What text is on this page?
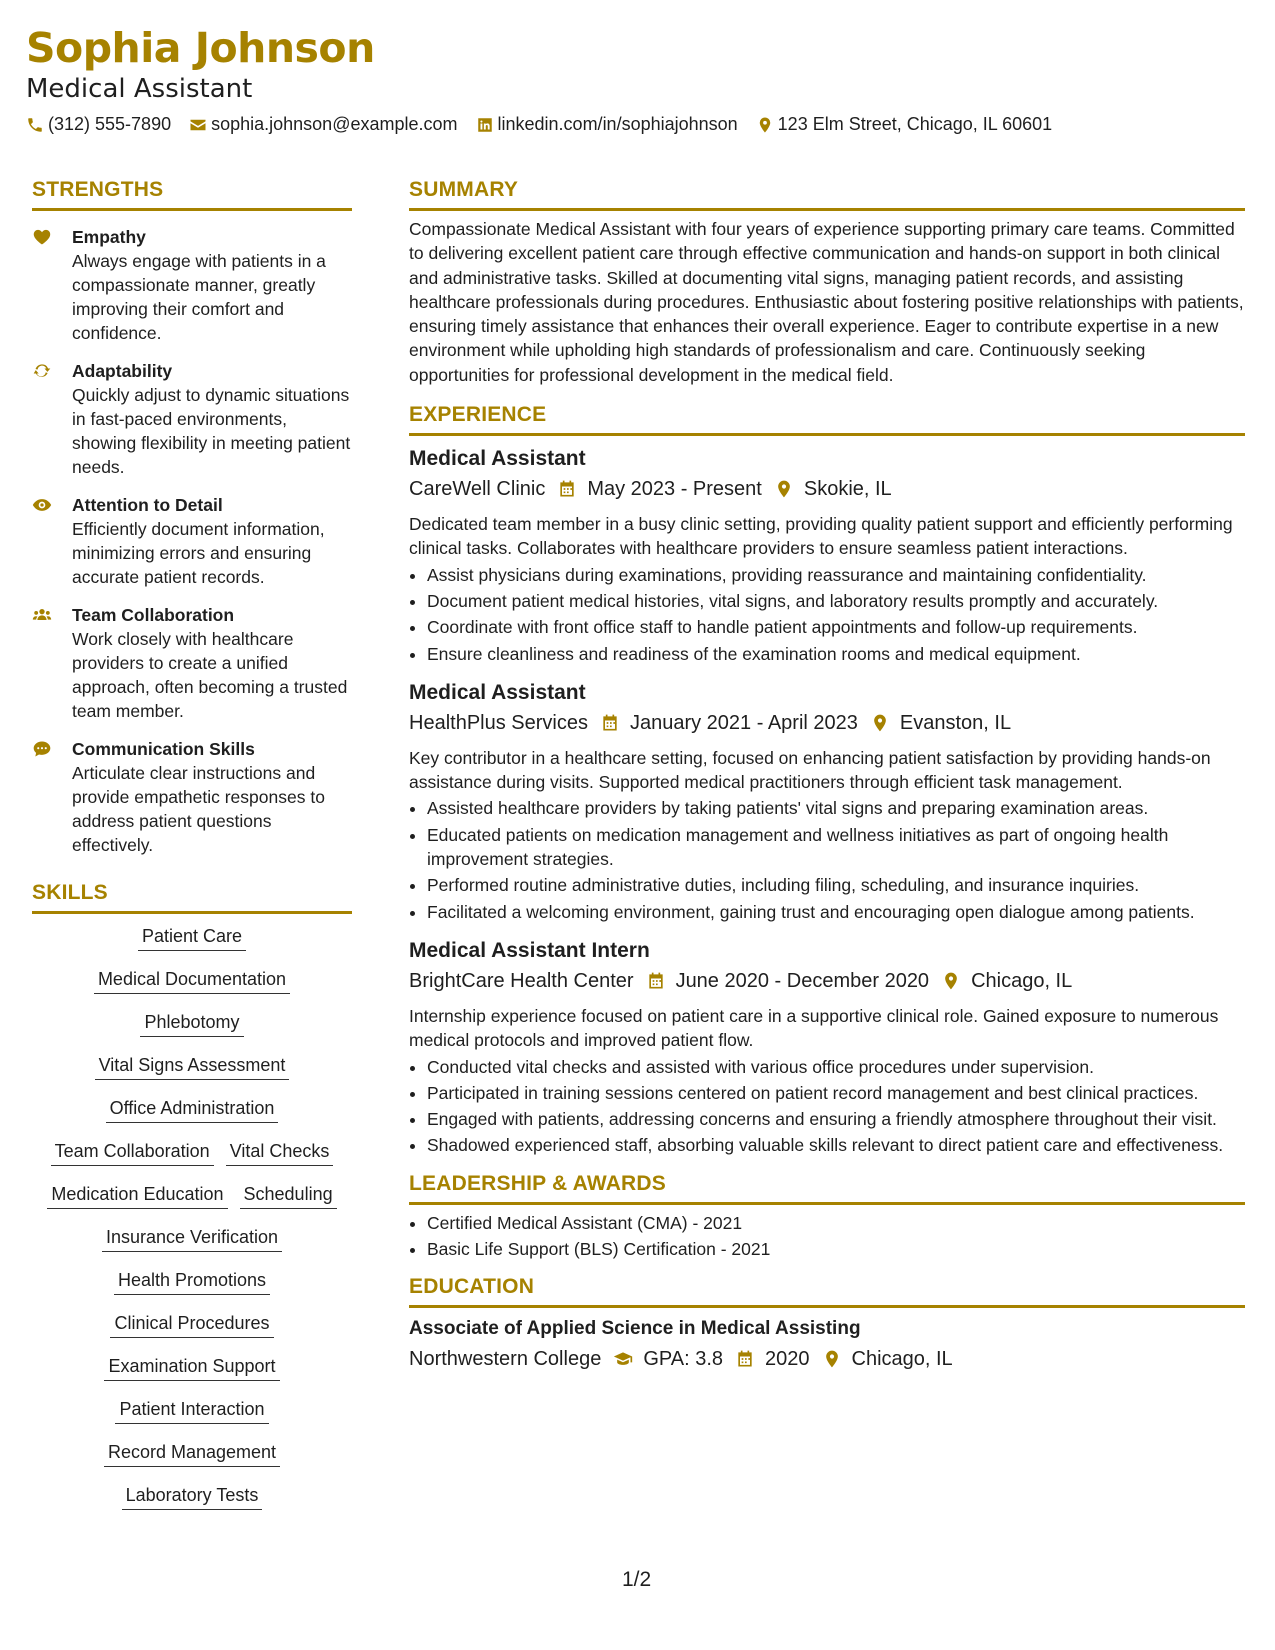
Sophia Johnson
Medical Assistant
(312) 555-7890 sophia.johnson@example.com linkedin.com/in/sophiajohnson 123 Elm Street, Chicago, IL 60601
STRENGTHS
Empathy
Always engage with patients in a compassionate manner, greatly improving their comfort and confidence.
Adaptability
Quickly adjust to dynamic situations in fast-paced environments, showing flexibility in meeting patient needs.
Attention to Detail
Efficiently document information, minimizing errors and ensuring accurate patient records.
Team Collaboration
Work closely with healthcare providers to create a unified approach, often becoming a trusted team member.
Communication Skills
Articulate clear instructions and provide empathetic responses to address patient questions effectively.
SKILLS
Patient Care
Medical Documentation
Phlebotomy
Vital Signs Assessment
Office Administration
Team Collaboration Vital Checks
Medication Education Scheduling
Insurance Verification
Health Promotions
Clinical Procedures
Examination Support
Patient Interaction
Record Management
Laboratory Tests
SUMMARY
Compassionate Medical Assistant with four years of experience supporting primary care teams. Committed to delivering excellent patient care through effective communication and hands-on support in both clinical and administrative tasks. Skilled at documenting vital signs, managing patient records, and assisting healthcare professionals during procedures. Enthusiastic about fostering positive relationships with patients, ensuring timely assistance that enhances their overall experience. Eager to contribute expertise in a new environment while upholding high standards of professionalism and care. Continuously seeking opportunities for professional development in the medical field.
EXPERIENCE
Medical Assistant
CareWell Clinic May 2023 - Present Skokie, IL
Dedicated team member in a busy clinic setting, providing quality patient support and efficiently performing clinical tasks. Collaborates with healthcare providers to ensure seamless patient interactions.
• Assist physicians during examinations, providing reassurance and maintaining confidentiality.
• Document patient medical histories, vital signs, and laboratory results promptly and accurately.
• Coordinate with front office staff to handle patient appointments and follow-up requirements.
• Ensure cleanliness and readiness of the examination rooms and medical equipment.
Medical Assistant
HealthPlus Services January 2021 - April 2023 Evanston, IL
Key contributor in a healthcare setting, focused on enhancing patient satisfaction by providing hands-on assistance during visits. Supported medical practitioners through efficient task management.
• Assisted healthcare providers by taking patients' vital signs and preparing examination areas.
• Educated patients on medication management and wellness initiatives as part of ongoing health improvement strategies.
• Performed routine administrative duties, including filing, scheduling, and insurance inquiries.
• Facilitated a welcoming environment, gaining trust and encouraging open dialogue among patients.
Medical Assistant Intern
BrightCare Health Center June 2020 - December 2020 Chicago, IL
Internship experience focused on patient care in a supportive clinical role. Gained exposure to numerous medical protocols and improved patient flow.
• Conducted vital checks and assisted with various office procedures under supervision.
• Participated in training sessions centered on patient record management and best clinical practices.
• Engaged with patients, addressing concerns and ensuring a friendly atmosphere throughout their visit.
• Shadowed experienced staff, absorbing valuable skills relevant to direct patient care and effectiveness.
LEADERSHIP & AWARDS
• Certified Medical Assistant (CMA) - 2021
• Basic Life Support (BLS) Certification - 2021
EDUCATION
Associate of Applied Science in Medical Assisting
Northwestern College GPA: 3.8 2020 Chicago, IL
1/2
